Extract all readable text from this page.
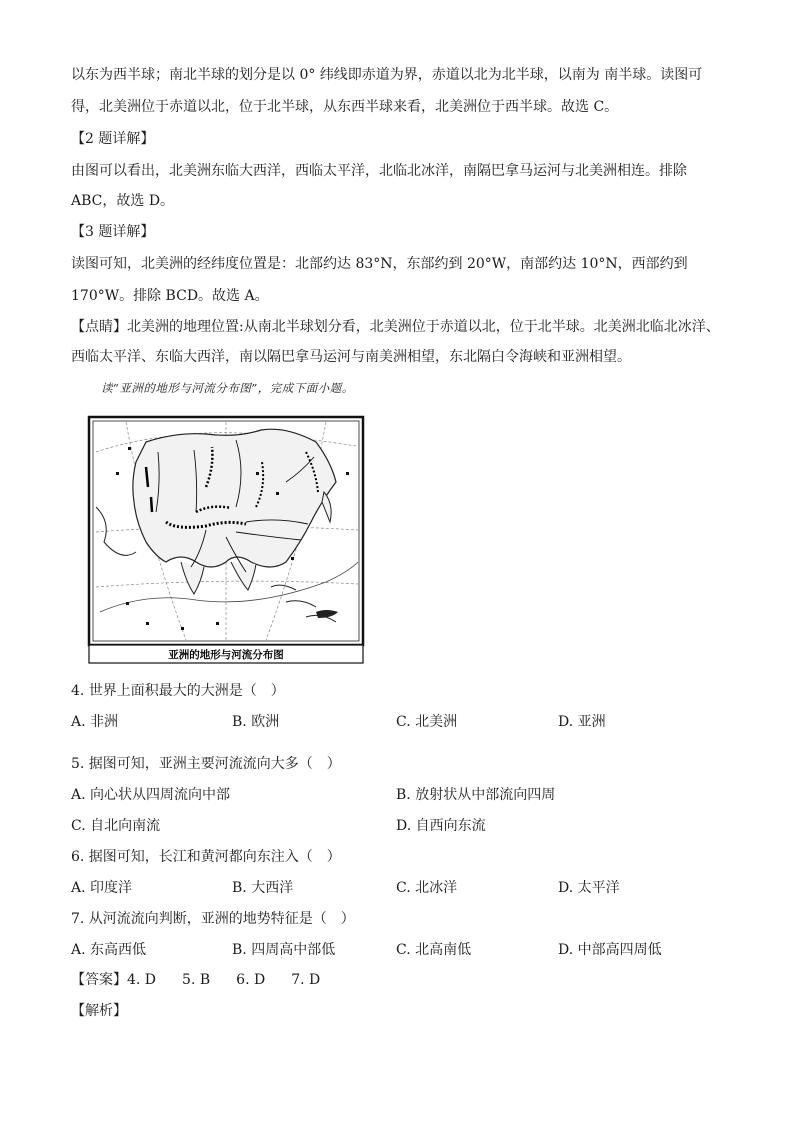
以东为西半球；南北半球的划分是以 0° 纬线即赤道为界，赤道以北为北半球，以南为 南半球。读图可
得，北美洲位于赤道以北，位于北半球，从东西半球来看，北美洲位于西半球。故选 C。
【2 题详解】
由图可以看出，北美洲东临大西洋，西临太平洋，北临北冰洋，南隔巴拿马运河与北美洲相连。排除
ABC，故选 D。
【3 题详解】
读图可知，北美洲的经纬度位置是：北部约达 83°N，东部约到 20°W，南部约达 10°N，西部约到
170°W。排除 BCD。故选 A。
【点睛】北美洲的地理位置:从南北半球划分看，北美洲位于赤道以北，位于北半球。北美洲北临北冰洋、
西临太平洋、东临大西洋，南以隔巴拿马运河与南美洲相望，东北隔白令海峡和亚洲相望。
读“亚洲的地形与河流分布图”，完成下面小题。
亚洲的地形与河流分布图
4. 世界上面积最大的大洲是（　）
A. 非洲	B. 欧洲	C. 北美洲	D. 亚洲
5. 据图可知，亚洲主要河流流向大多（　）
A. 向心状从四周流向中部	B. 放射状从中部流向四周
C. 自北向南流	D. 自西向东流
6. 据图可知，长江和黄河都向东注入（　）
A. 印度洋	B. 大西洋	C. 北冰洋	D. 太平洋
7. 从河流流向判断，亚洲的地势特征是（　）
A. 东高西低	B. 四周高中部低	C. 北高南低	D. 中部高四周低
【答案】4. D 5. B 6. D 7. D
【解析】
